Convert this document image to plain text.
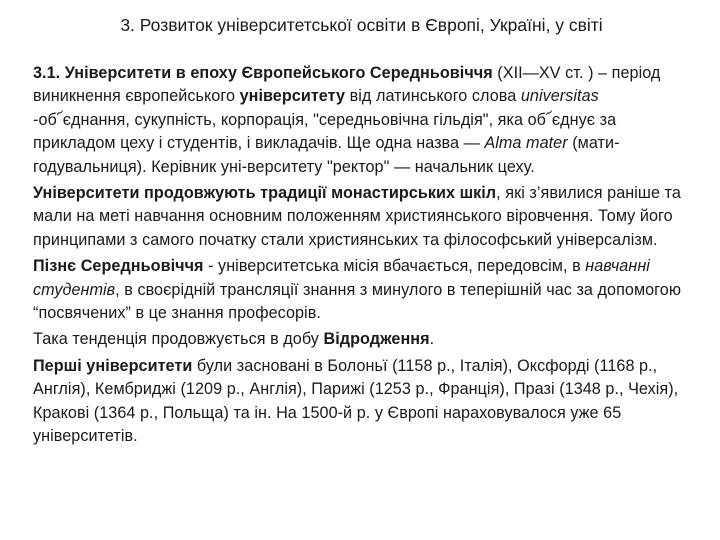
3. Розвиток університетської освіти в Європі, Україні, у світі

3.1. Університети в епоху Європейського Середньовіччя (ХІІ—XV ст. ) – період виникнення європейського університету від латинського слова universitas -об՜єднання, сукупність, корпорація, "середньовічна гільдія", яка об՜єднує за прикладом цеху і студентів, і викладачів. Ще одна назва — Alma mater (мати-годувальниця). Керівник уні-верситету "ректор" — начальник цеху.

Університети продовжують традиції монастирських шкіл, які з’явилися раніше та мали на меті навчання основним положенням християнського віровчення. Тому його принципами з самого початку стали християнських та філософський універсалізм.

Пізнє Середньовіччя - університетська місія вбачається, передовсім, в навчанні студентів, в своєрідній трансляції знання з минулого в теперішній час за допомогою “посвячених” в це знання професорів.

Така тенденція продовжується в добу Відродження.

Перші університети були засновані в Болоньї (1158 р., Італія), Оксфорді (1168 р., Англія), Кембриджі (1209 р., Англія), Парижі (1253 р., Франція), Празі (1348 р., Чехія), Кракові (1364 р., Польща) та ін. На 1500-й р. у Європі нараховувалося уже 65 університетів.
